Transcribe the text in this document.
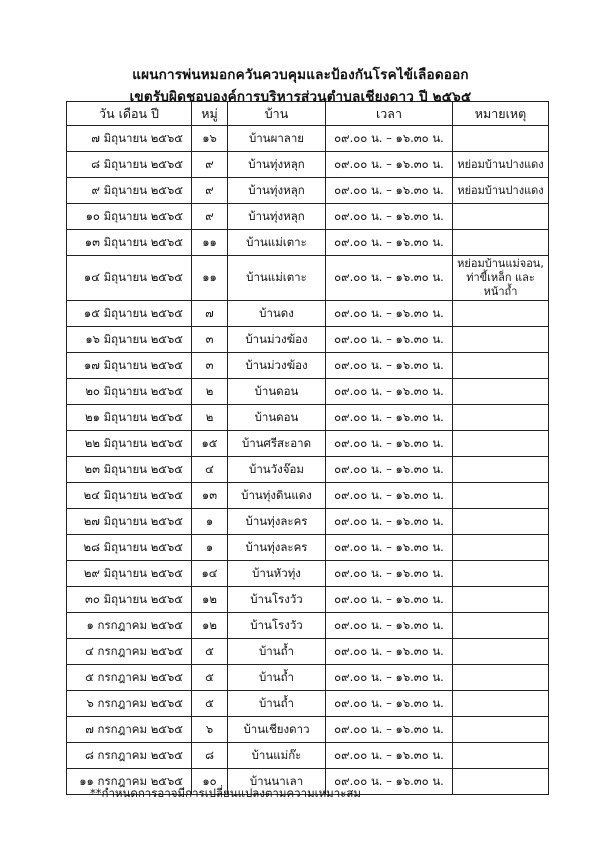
แผนการพ่นหมอกควันควบคุมและป้องกันโรคไข้เลือดออก
เขตรับผิดชอบองค์การบริหารส่วนตำบลเชียงดาว ปี ๒๕๖๕
วัน เดือน ปี	หมู่	บ้าน	เวลา	หมายเหตุ
๗ มิถุนายน ๒๕๖๕	๑๖	บ้านผาลาย	๐๙.๐๐ น. – ๑๖.๓๐ น.	
๘ มิถุนายน ๒๕๖๕	๙	บ้านทุ่งหลุก	๐๙.๐๐ น. – ๑๖.๓๐ น.	หย่อมบ้านปางแดง
๙ มิถุนายน ๒๕๖๕	๙	บ้านทุ่งหลุก	๐๙.๐๐ น. – ๑๖.๓๐ น.	หย่อมบ้านปางแดง
๑๐ มิถุนายน ๒๕๖๕	๙	บ้านทุ่งหลุก	๐๙.๐๐ น. – ๑๖.๓๐ น.	
๑๓ มิถุนายน ๒๕๖๕	๑๑	บ้านแม่เตาะ	๐๙.๐๐ น. – ๑๖.๓๐ น.	
๑๔ มิถุนายน ๒๕๖๕	๑๑	บ้านแม่เตาะ	๐๙.๐๐ น. – ๑๖.๓๐ น.	หย่อมบ้านแม่จอน, ท่าขี้เหล็ก และหน้าถ้ำ
๑๕ มิถุนายน ๒๕๖๕	๗	บ้านดง	๐๙.๐๐ น. – ๑๖.๓๐ น.	
๑๖ มิถุนายน ๒๕๖๕	๓	บ้านม่วงฆ้อง	๐๙.๐๐ น. – ๑๖.๓๐ น.	
๑๗ มิถุนายน ๒๕๖๕	๓	บ้านม่วงฆ้อง	๐๙.๐๐ น. – ๑๖.๓๐ น.	
๒๐ มิถุนายน ๒๕๖๕	๒	บ้านดอน	๐๙.๐๐ น. – ๑๖.๓๐ น.	
๒๑ มิถุนายน ๒๕๖๕	๒	บ้านดอน	๐๙.๐๐ น. – ๑๖.๓๐ น.	
๒๒ มิถุนายน ๒๕๖๕	๑๕	บ้านศรีสะอาด	๐๙.๐๐ น. – ๑๖.๓๐ น.	
๒๓ มิถุนายน ๒๕๖๕	๔	บ้านวังจ๊อม	๐๙.๐๐ น. – ๑๖.๓๐ น.	
๒๔ มิถุนายน ๒๕๖๕	๑๓	บ้านทุ่งดินแดง	๐๙.๐๐ น. – ๑๖.๓๐ น.	
๒๗ มิถุนายน ๒๕๖๕	๑	บ้านทุ่งละคร	๐๙.๐๐ น. – ๑๖.๓๐ น.	
๒๘ มิถุนายน ๒๕๖๕	๑	บ้านทุ่งละคร	๐๙.๐๐ น. – ๑๖.๓๐ น.	
๒๙ มิถุนายน ๒๕๖๕	๑๔	บ้านหัวทุ่ง	๐๙.๐๐ น. – ๑๖.๓๐ น.	
๓๐ มิถุนายน ๒๕๖๕	๑๒	บ้านโรงวัว	๐๙.๐๐ น. – ๑๖.๓๐ น.	
๑ กรกฎาคม ๒๕๖๕	๑๒	บ้านโรงวัว	๐๙.๐๐ น. – ๑๖.๓๐ น.	
๔ กรกฎาคม ๒๕๖๕	๕	บ้านถ้ำ	๐๙.๐๐ น. – ๑๖.๓๐ น.	
๕ กรกฎาคม ๒๕๖๕	๕	บ้านถ้ำ	๐๙.๐๐ น. – ๑๖.๓๐ น.	
๖ กรกฎาคม ๒๕๖๕	๕	บ้านถ้ำ	๐๙.๐๐ น. – ๑๖.๓๐ น.	
๗ กรกฎาคม ๒๕๖๕	๖	บ้านเชียงดาว	๐๙.๐๐ น. – ๑๖.๓๐ น.	
๘ กรกฎาคม ๒๕๖๕	๘	บ้านแม่ก๊ะ	๐๙.๐๐ น. – ๑๖.๓๐ น.	
๑๑ กรกฎาคม ๒๕๖๕	๑๐	บ้านนาเลา	๐๙.๐๐ น. – ๑๖.๓๐ น.	
**กำหนดการอาจมีการเปลี่ยนแปลงตามความเหมาะสม
